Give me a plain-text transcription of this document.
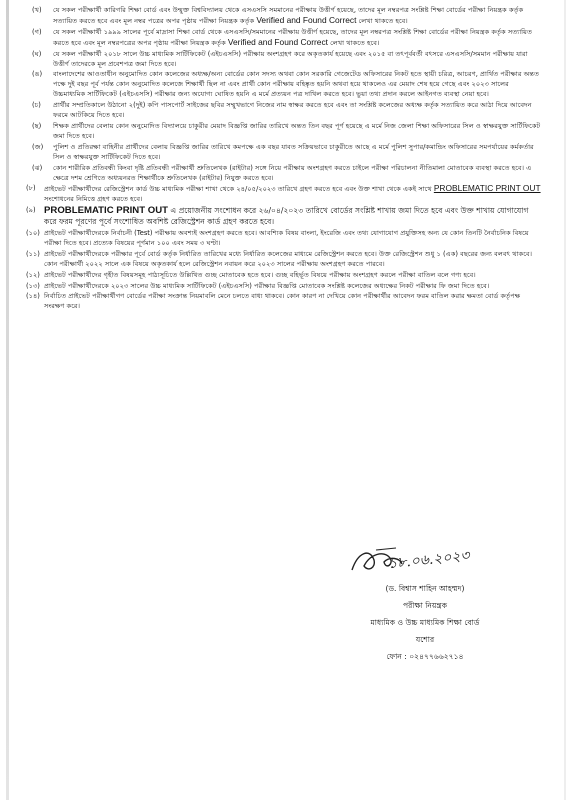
(খ)	যে সকল পরীক্ষার্থী কারিগরি শিক্ষা বোর্ড এবং উন্মুক্ত বিশ্ববিদ্যালয় থেকে এসএসসি সমমানের পরীক্ষায় উত্তীর্ণ হয়েছে, তাদের মূল নম্বরপত্র সংশ্লিষ্ট শিক্ষা বোর্ডের পরীক্ষা নিয়ন্ত্রক কর্তৃক সত্যায়িত করতে হবে এবং মূল নম্বর পত্রের অপর পৃষ্ঠায় পরীক্ষা নিয়ন্ত্রক কর্তৃক Verified and Found Correct লেখা থাকতে হবে।
(গ)	যে সকল পরীক্ষার্থী ১৯৯৯ সালের পূর্বে মাদ্রাসা শিক্ষা বোর্ড থেকে এসএসসি/সমমানের পরীক্ষায় উত্তীর্ণ হয়েছে, তাদের মূল নম্বরপত্র সংশ্লিষ্ট শিক্ষা বোর্ডের পরীক্ষা নিয়ন্ত্রক কর্তৃক সত্যায়িত করতে হবে এবং মূল নম্বরপত্রের অপর পৃষ্ঠায় পরীক্ষা নিয়ন্ত্রক কর্তৃক Verified and Found Correct লেখা থাকতে হবে।
(ঘ)	যে সকল পরীক্ষার্থী ২০১৮ সালে উচ্চ মাধ্যমিক সার্টিফিকেট (এইচএসসি) পরীক্ষায় অংশগ্রহণ করে অকৃতকার্য হয়েছে এবং ২০১৫ বা তৎপূর্ববর্তী বৎসরে এসএসসি/সমমান পরীক্ষায় যারা উত্তীর্ণ তাদেরকে মূল প্রবেশপত্র জমা দিতে হবে।
(ঙ)	বাংলাদেশের আওতাধীন অনুমোদিত কোন কলেজের অধ্যক্ষ/অন্য বোর্ডের কোন সদস্য অথবা কোন সরকারি গেজেটেড অফিসারের নিকট হতে স্থায়ী চরিত্র, আচরণ, প্রার্থিত পরীক্ষার অন্তত পক্ষে দুই বছর পূর্ব পর্যন্ত কোন অনুমোদিত কলেজে শিক্ষার্থী ছিল না এবং প্রার্থী কোন পরীক্ষায় বহিষ্কৃত হয়নি অথবা হয়ে থাকলেও এর মেয়াদ শেষ হয়ে গেছে এবং ২০২৩ সালের উচ্চমাধ্যমিক সার্টিফিকেট (এইচএসসি) পরীক্ষার জন্য অযোগ্য ঘোষিত হয়নি এ মর্মে প্রত্যয়ন পত্র দাখিল করতে হবে। ভুয়া তথ্য প্রদান করলে আইনগত ব্যবস্থা নেয়া হবে।
(চ)	প্রার্থীর সম্প্রতিকালে উঠানো ২(দুই) কপি পাসপোর্ট সাইজের ছবির সম্মুখভাগে নিজের নাম স্বাক্ষর করতে হবে এবং তা সংশ্লিষ্ট কলেজের অধ্যক্ষ কর্তৃক সত্যায়িত করে আঠা দিয়ে আবেদন ফরমে আটকিয়ে দিতে হবে।
(ছ)	শিক্ষক প্রার্থীদের বেলায় কোন অনুমোদিত বিদ্যালয়ে চাকুরীর মেয়াদ বিজ্ঞপ্তি জারির তারিখে অন্তত তিন বছর পূর্ণ হয়েছে এ মর্মে নিজ জেলা শিক্ষা অফিসারের সিল ও স্বাক্ষরযুক্ত সার্টিফিকেট জমা দিতে হবে।
(জ)	পুলিশ ও প্রতিরক্ষা বাহিনীর প্রার্থীদের বেলায় বিজ্ঞপ্তি জারির তারিখে কমপক্ষে এক বছর যাবত সক্রিয়ভাবে চাকুরীতে আছে এ মর্মে পুলিশ সুপার/কমান্ডিং অফিসারের সমপর্যায়ের কর্মকর্তার সিল ও স্বাক্ষরযুক্ত সার্টিফিকেট দিতে হবে।
(ঝ)	কোন শারীরিক প্রতিবন্ধী কিংবা দৃষ্টি প্রতিবন্ধী পরীক্ষার্থী শ্রুতিলেখক (রাইটার) সঙ্গে নিয়ে পরীক্ষায় অংশগ্রহণ করতে চাইলে পরীক্ষা পরিচালনা নীতিমালা মোতাবেক ব্যবস্থা করতে হবে। এ ক্ষেত্রে দশম শ্রেণিতে অধ্যয়নরত শিক্ষার্থীকে শ্রুতিলেখক (রাইটার) নিযুক্ত করতে হবে।
(৮)	প্রাইভেট পরীক্ষার্থীদের রেজিস্ট্রেশন কার্ড উচ্চ মাধ্যমিক পরীক্ষা শাখা থেকে ২৪/০৫/২০২৩ তারিখে গ্রহণ করতে হবে এবং উক্ত শাখা থেকে একই সাথে PROBLEMATIC PRINT OUT সংশোধনের নিমিত্তে গ্রহণ করতে হবে।
(৯) PROBLEMATIC PRINT OUT এ প্রয়োজনীয় সংশোধন করে ২৬/০৪/২০২৩ তারিখে বোর্ডের সংশ্লিষ্ট শাখায় জমা দিতে হবে এবং উক্ত শাখায় যোগাযোগ করে ফরম পূরণের পূর্বে সংশোধিত অবশিষ্ট রেজিস্ট্রেশন কার্ড গ্রহণ করতে হবে।
(১০) প্রাইভেট পরীক্ষার্থীদেরকে নির্বাচনী (Test) পরীক্ষায় অবশ্যই অংশগ্রহণ করতে হবে। আবশ্যিক বিষয় বাংলা, ইংরেজি এবং তথ্য যোগাযোগ প্রযুক্তিসহ অন্য যে কোন তিনটি নৈর্বাচনিক বিষয়ে পরীক্ষা দিতে হবে। প্রত্যেক বিষয়ের পূর্ণমান ১০০ এবং সময় ৩ ঘণ্টা।
(১১) প্রাইভেট পরীক্ষার্থীদেরকে পরীক্ষার পূর্বে বোর্ড কর্তৃক নির্ধারিত তারিখের মধ্যে নির্ধারিত কলেজের মাধ্যমে রেজিস্ট্রেশন করতে হবে। উক্ত রেজিস্ট্রেশন শুধু ১ (এক) বছরের জন্য বলবৎ থাকবে। কোন পরীক্ষার্থী ২০২২ সালে এক বিষয়ে অকৃতকার্য হলে রেজিস্ট্রেশন নবায়ন করে ২০২৩ সালের পরীক্ষায় অংশগ্রহণ করতে পারবে।
(১২) প্রাইভেট পরীক্ষার্থীদের গৃহীত বিষয়সমূহ পাঠ্যসূচিতে উল্লিখিত গুচ্ছ মোতাবেক হতে হবে। গুচ্ছ বহির্ভূত বিষয়ে পরীক্ষায় অংশগ্রহণ করলে পরীক্ষা বাতিল বলে গণ্য হবে।
(১৩) প্রাইভেট পরীক্ষার্থীদেরকে ২০২৩ সালের উচ্চ মাধ্যমিক সার্টিফিকেট (এইচএসসি) পরীক্ষার বিজ্ঞপ্তি মোতাবেক সংশ্লিষ্ট কলেজের অধ্যক্ষের নিকট পরীক্ষার ফি জমা দিতে হবে।
(১৪) নির্বাচিত প্রাইভেট পরীক্ষার্থীগণ বোর্ডের পরীক্ষা সংক্রান্ত নিয়মাবলি মেনে চলতে বাধ্য থাকবে। কোন কারণ না দেখিয়ে কোন পরীক্ষার্থীর আবেদন ফরম বাতিল করার ক্ষমতা বোর্ড কর্তৃপক্ষ সংরক্ষণ করে।
১৮.০৬.২০২৩
(ড. বিশ্বাস শাহিন আহম্মদ)
পরীক্ষা নিয়ন্ত্রক
মাধ্যমিক ও উচ্চ মাধ্যমিক শিক্ষা বোর্ড
যশোর
ফোন : ০২৪৭৭৬৬২৭১৪
